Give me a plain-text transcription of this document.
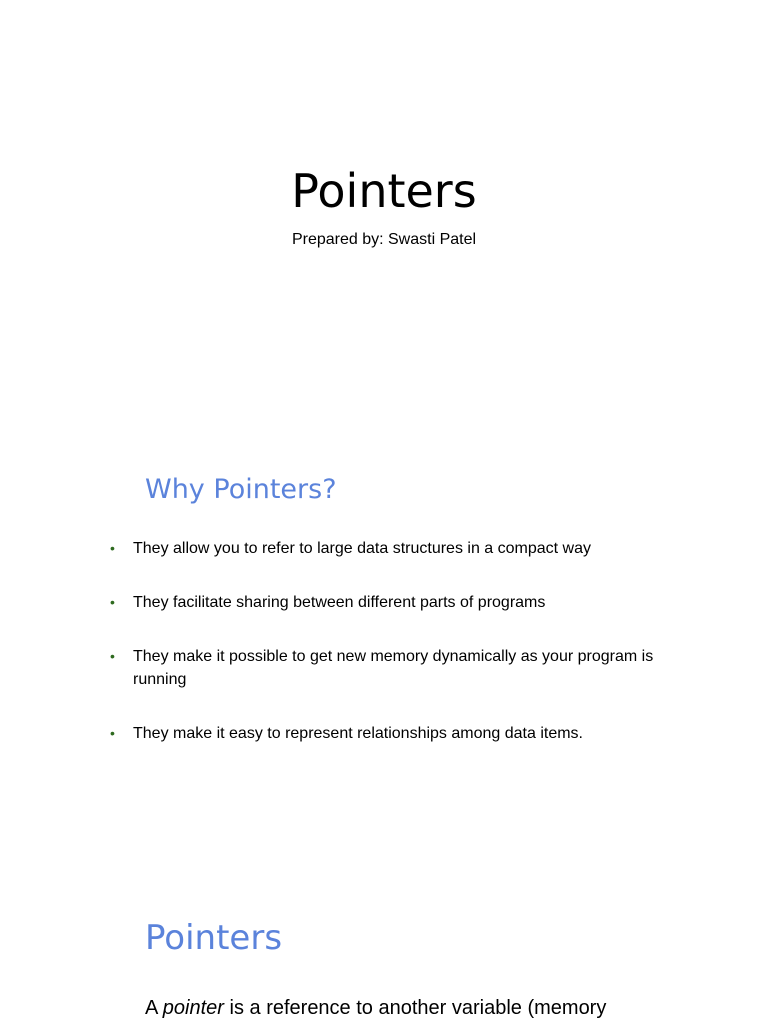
Pointers
Prepared by: Swasti Patel
Why Pointers?
• They allow you to refer to large data structures in a compact way
• They facilitate sharing between different parts of programs
• They make it possible to get new memory dynamically as your program is running
• They make it easy to represent relationships among data items.
Pointers
A pointer is a reference to another variable (memory
